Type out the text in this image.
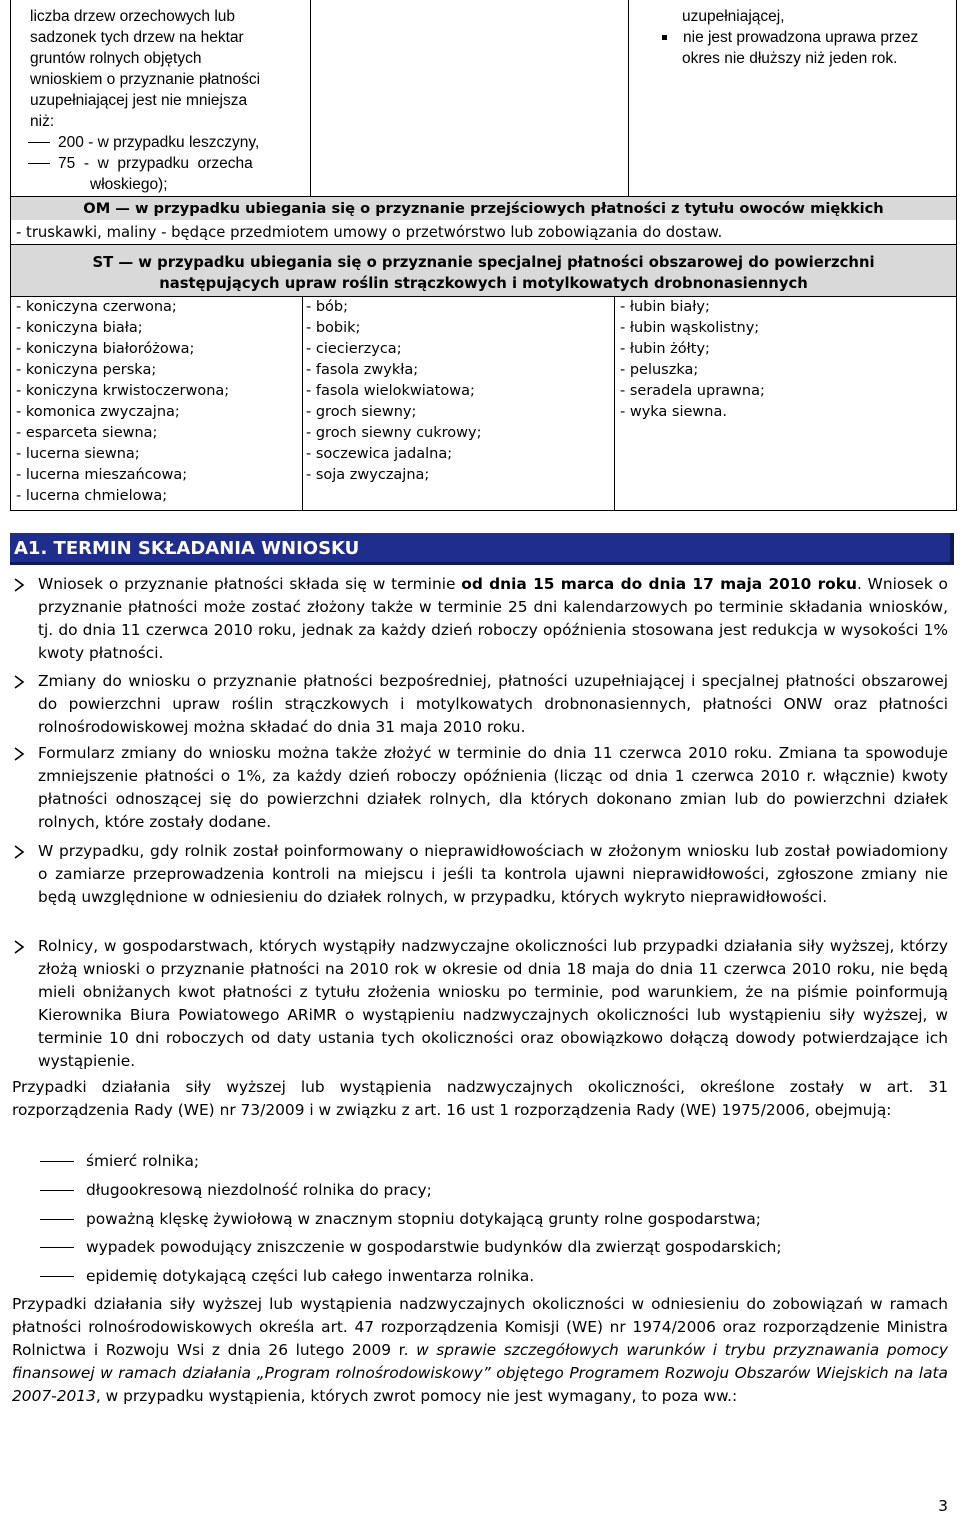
liczba drzew orzechowych lub
sadzonek tych drzew na hektar
gruntów rolnych objętych
wnioskiem o przyznanie płatności
uzupełniającej jest nie mniejsza
niż:
200 - w przypadku leszczyny,
75  -  w  przypadku  orzecha
włoskiego);
uzupełniającej,
nie jest prowadzona uprawa przez
okres nie dłuższy niż jeden rok.
OM — w przypadku ubiegania się o przyznanie przejściowych płatności z tytułu owoców miękkich
- truskawki, maliny - będące przedmiotem umowy o przetwórstwo lub zobowiązania do dostaw.
ST — w przypadku ubiegania się o przyznanie specjalnej płatności obszarowej do powierzchni
następujących upraw roślin strączkowych i motylkowatych drobnonasiennych
- koniczyna czerwona;
- koniczyna biała;
- koniczyna białoróżowa;
- koniczyna perska;
- koniczyna krwistoczerwona;
- komonica zwyczajna;
- esparceta siewna;
- lucerna siewna;
- lucerna mieszańcowa;
- lucerna chmielowa;
- bób;
- bobik;
- ciecierzyca;
- fasola zwykła;
- fasola wielokwiatowa;
- groch siewny;
- groch siewny cukrowy;
- soczewica jadalna;
- soja zwyczajna;
- łubin biały;
- łubin wąskolistny;
- łubin żółty;
- peluszka;
- seradela uprawna;
- wyka siewna.
A1. TERMIN SKŁADANIA WNIOSKU
Wniosek o przyznanie płatności składa się w terminie od dnia 15 marca do dnia 17 maja 2010 roku. Wniosek o przyznanie płatności może zostać złożony także w terminie 25 dni kalendarzowych po terminie składania wniosków, tj. do dnia 11 czerwca 2010 roku, jednak za każdy dzień roboczy opóźnienia stosowana jest redukcja w wysokości 1% kwoty płatności.
Zmiany do wniosku o przyznanie płatności bezpośredniej, płatności uzupełniającej i specjalnej płatności obszarowej do powierzchni upraw roślin strączkowych i motylkowatych drobnonasiennych, płatności ONW oraz płatności rolnośrodowiskowej można składać do dnia 31 maja 2010 roku.
Formularz zmiany do wniosku można także złożyć w terminie do dnia 11 czerwca 2010 roku. Zmiana ta spowoduje zmniejszenie płatności o 1%, za każdy dzień roboczy opóźnienia (licząc od dnia 1 czerwca 2010 r. włącznie) kwoty płatności odnoszącej się do powierzchni działek rolnych, dla których dokonano zmian lub do powierzchni działek rolnych, które zostały dodane.
W przypadku, gdy rolnik został poinformowany o nieprawidłowościach w złożonym wniosku lub został powiadomiony o zamiarze przeprowadzenia kontroli na miejscu i jeśli ta kontrola ujawni nieprawidłowości, zgłoszone zmiany nie będą uwzględnione w odniesieniu do działek rolnych, w przypadku, których wykryto nieprawidłowości.
Rolnicy, w gospodarstwach, których wystąpiły nadzwyczajne okoliczności lub przypadki działania siły wyższej, którzy złożą wnioski o przyznanie płatności na 2010 rok w okresie od dnia 18 maja do dnia 11 czerwca 2010 roku, nie będą mieli obniżanych kwot płatności z tytułu złożenia wniosku po terminie, pod warunkiem, że na piśmie poinformują Kierownika Biura Powiatowego ARiMR o wystąpieniu nadzwyczajnych okoliczności lub wystąpieniu siły wyższej, w terminie 10 dni roboczych od daty ustania tych okoliczności oraz obowiązkowo dołączą dowody potwierdzające ich wystąpienie.
Przypadki działania siły wyższej lub wystąpienia nadzwyczajnych okoliczności, określone zostały w art. 31 rozporządzenia Rady (WE) nr 73/2009 i w związku z art. 16 ust 1 rozporządzenia Rady (WE) 1975/2006, obejmują:
śmierć rolnika;
długookresową niezdolność rolnika do pracy;
poważną klęskę żywiołową w znacznym stopniu dotykającą grunty rolne gospodarstwa;
wypadek powodujący zniszczenie w gospodarstwie budynków dla zwierząt gospodarskich;
epidemię dotykającą części lub całego inwentarza rolnika.
Przypadki działania siły wyższej lub wystąpienia nadzwyczajnych okoliczności w odniesieniu do zobowiązań w ramach płatności rolnośrodowiskowych określa art. 47 rozporządzenia Komisji (WE) nr 1974/2006 oraz rozporządzenie Ministra Rolnictwa i Rozwoju Wsi z dnia 26 lutego 2009 r. w sprawie szczegółowych warunków i trybu przyznawania pomocy finansowej w ramach działania „Program rolnośrodowiskowy” objętego Programem Rozwoju Obszarów Wiejskich na lata 2007-2013, w przypadku wystąpienia, których zwrot pomocy nie jest wymagany, to poza ww.:
3
